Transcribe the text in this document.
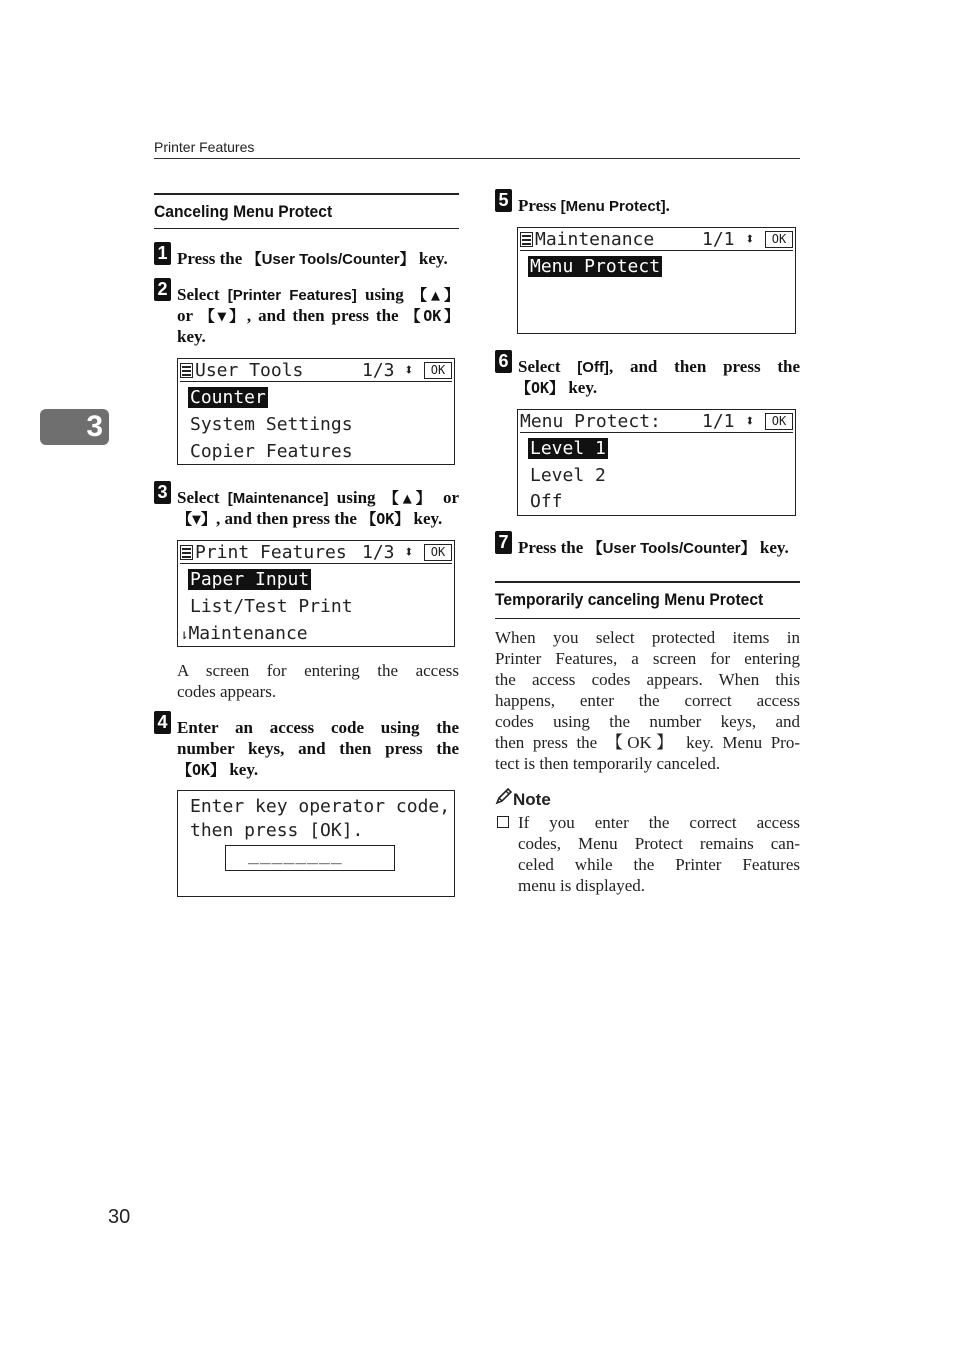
Printer Features
3
30
Canceling Menu Protect
1 Press the 【User Tools/Counter】 key.
2 Select [Printer Features] using 【▲】
or 【▼】, and then press the 【OK】
key.
User Tools	1/3 ⬍	OK
Counter
System Settings
Copier Features
3 Select [Maintenance] using 【▲】 or
【▼】, and then press the 【OK】 key.
Print Features 1/3 ⬍	OK
Paper Input
List/Test Print
⇂Maintenance
A screen for entering the access
codes appears.
4 Enter an access code using the
number keys, and then press the
【OK】 key.
Enter key operator code,
then press [OK].
________
5 Press [Menu Protect].
Maintenance	1/1 ⬍	OK
Menu Protect
6 Select [Off], and then press the
【OK】 key.
Menu Protect: 1/1 ⬍	OK
Level 1
Level 2
Off
7 Press the 【User Tools/Counter】 key.
Temporarily canceling Menu Protect
When you select protected items in
Printer Features, a screen for entering
the access codes appears. When this
happens, enter the correct access
codes using the number keys, and
then press the 【OK】 key. Menu Pro-
tect is then temporarily canceled.
Note
If you enter the correct access
codes, Menu Protect remains can-
celed while the Printer Features
menu is displayed.
